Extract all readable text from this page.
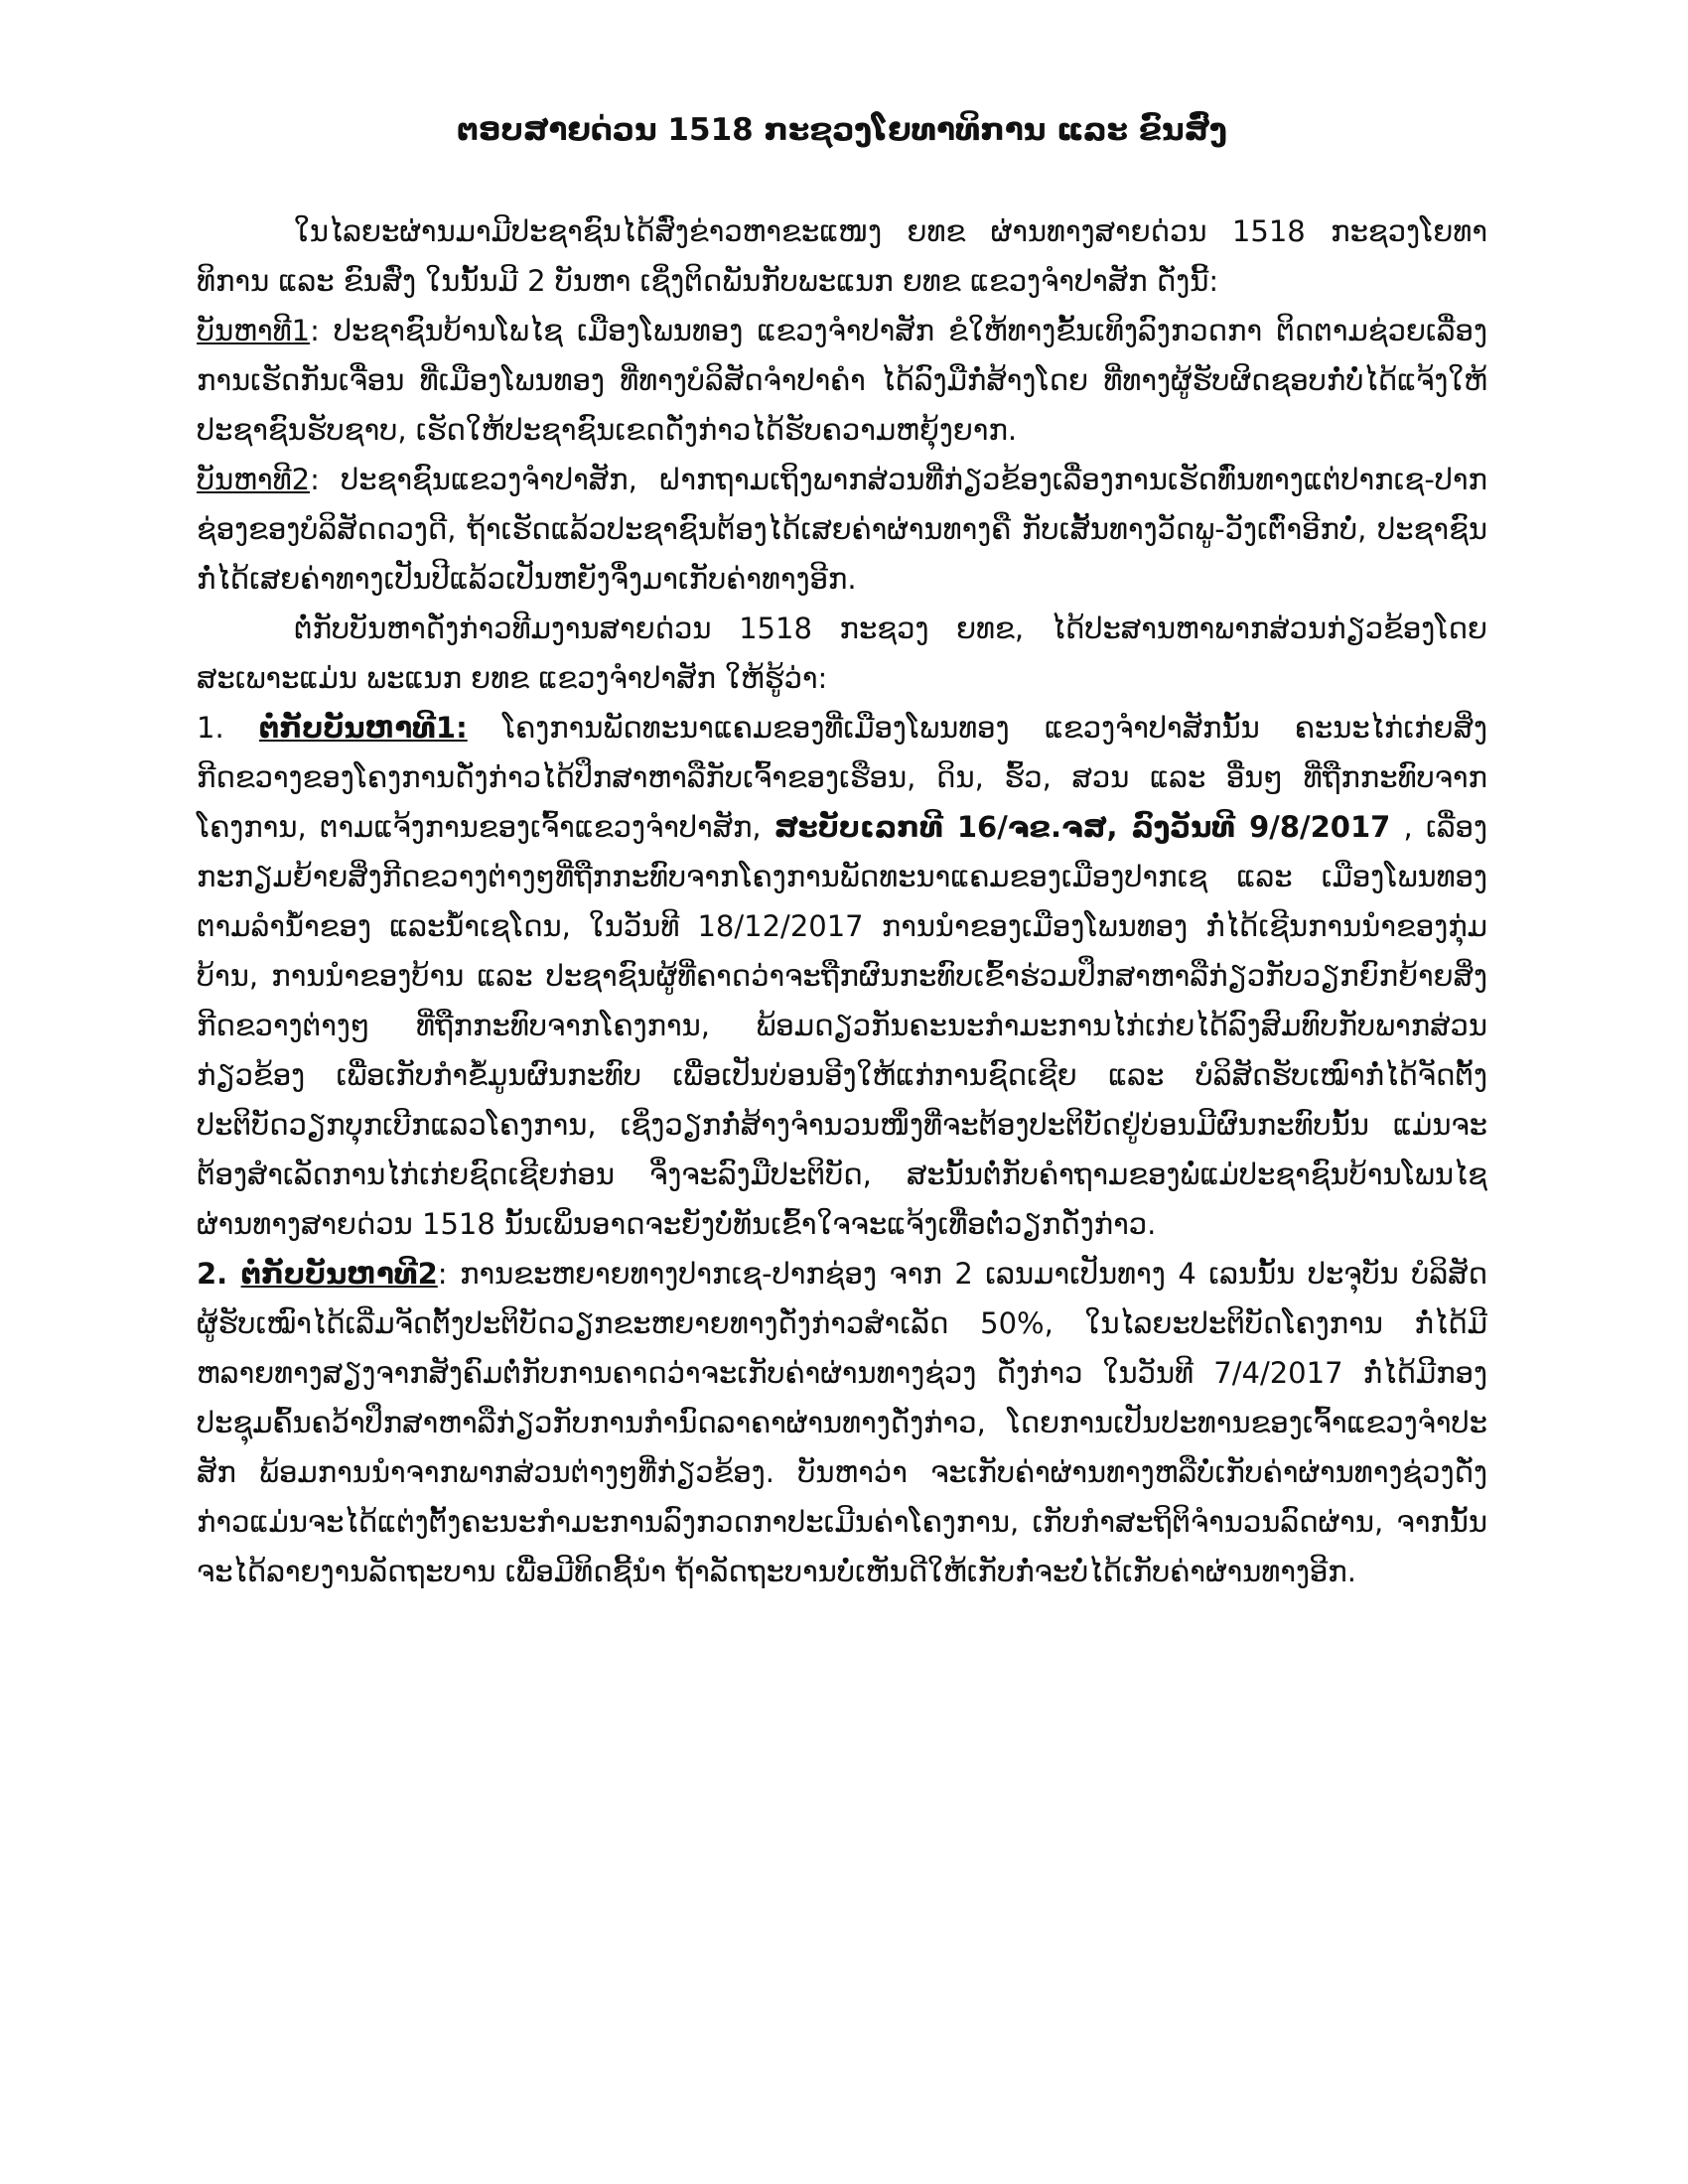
ຕອບສາຍດ່ວນ 1518 ກະຊວງໂຍທາທິການ ແລະ ຂົນສົ່ງ

ໃນໄລຍະຜ່ານມາມີປະຊາຊົນໄດ້ສົ່ງຂ່າວຫາຂະແໜງ ຍທຂ ຜ່ານທາງສາຍດ່ວນ 1518 ກະຊວງໂຍທາທິການ ແລະ ຂົນສົ່ງ ໃນນັ້ນມີ 2 ບັນຫາ ເຊິ່ງຕິດພັນກັບພະແນກ ຍທຂ ແຂວງຈຳປາສັກ ດັ່ງນີ້:

ບັນຫາທີ1: ປະຊາຊົນບ້ານໂພໄຊ ເມືອງໂພນທອງ ແຂວງຈຳປາສັກ ຂໍໃຫ້ທາງຂັ້ນເທິງລົງກວດກາ ຕິດຕາມຊ່ວຍເລື່ອງການເຮັດກັນເຈື່ອນ ທີ່ເມືອງໂພນທອງ ທີ່ທາງບໍລິສັດຈຳປາຄຳ ໄດ້ລົງມືກໍ່ສ້າງໂດຍ ທີ່ທາງຜູ້ຮັບຜິດຊອບກໍ່ບໍ່ໄດ້ແຈ້ງໃຫ້ປະຊາຊົນຮັບຊາບ, ເຮັດໃຫ້ປະຊາຊົນເຂດດັ່ງກ່າວໄດ້ຮັບຄວາມຫຍຸ້ງຍາກ.

ບັນຫາທີ2: ປະຊາຊົນແຂວງຈຳປາສັກ, ຝາກຖາມເຖິງພາກສ່ວນທີ່ກ່ຽວຂ້ອງເລື່ອງການເຮັດທົ່ນທາງແຕ່ປາກເຊ-ປາກຊ່ອງຂອງບໍລິສັດດວງດີ, ຖ້າເຮັດແລ້ວປະຊາຊົນຕ້ອງໄດ້ເສຍຄ່າຜ່ານທາງຄື ກັບເສັ້ນທາງວັດພູ-ວັງເຕົ່າອີກບໍ່, ປະຊາຊົນກໍ່ໄດ້ເສຍຄ່າທາງເປັນປີແລ້ວເປັນຫຍັງຈຶ່ງມາເກັບຄ່າທາງອີກ.

ຕໍ່ກັບບັນຫາດັ່ງກ່າວທີມງານສາຍດ່ວນ 1518 ກະຊວງ ຍທຂ, ໄດ້ປະສານຫາພາກສ່ວນກ່ຽວຂ້ອງໂດຍສະເພາະແມ່ນ ພະແນກ ຍທຂ ແຂວງຈຳປາສັກ ໃຫ້ຮູ້ວ່າ:

1. ຕໍ່ກັບບັນຫາທີ1: ໂຄງການພັດທະນາແຄມຂອງທີ່ເມືອງໂພນທອງ ແຂວງຈຳປາສັກນັ້ນ ຄະນະໄກ່ເກ່ຍສິ່ງກີດຂວາງຂອງໂຄງການດັ່ງກ່າວໄດ້ປຶກສາຫາລືກັບເຈົ້າຂອງເຮືອນ, ດິນ, ຮົ້ວ, ສວນ ແລະ ອື່ນໆ ທີ່ຖືກກະທົບຈາກໂຄງການ, ຕາມແຈ້ງການຂອງເຈົ້າແຂວງຈຳປາສັກ, ສະບັບເລກທີ 16/ຈຂ.ຈສ, ລົງວັນທີ 9/8/2017 , ເລື່ອງກະກຽມຍ້າຍສິ່ງກີດຂວາງຕ່າງໆທີ່ຖືກກະທົບຈາກໂຄງການພັດທະນາແຄມຂອງເມືອງປາກເຊ ແລະ ເມືອງໂພນທອງ ຕາມລຳນ້ຳຂອງ ແລະນ້ຳເຊໂດນ, ໃນວັນທີ 18/12/2017 ການນຳຂອງເມືອງໂພນທອງ ກໍ່ໄດ້ເຊີນການນຳຂອງກຸ່ມບ້ານ, ການນຳຂອງບ້ານ ແລະ ປະຊາຊົນຜູ້ທີ່ຄາດວ່າຈະຖືກຜົນກະທົບເຂົ້າຮ່ວມປຶກສາຫາລືກ່ຽວກັບວຽກຍົກຍ້າຍສິ່ງກີດຂວາງຕ່າງໆ ທີ່ຖືກກະທົບຈາກໂຄງການ, ພ້ອມດຽວກັນຄະນະກຳມະການໄກ່ເກ່ຍໄດ້ລົງສົມທົບກັບພາກສ່ວນກ່ຽວຂ້ອງ ເພື່ອເກັບກຳຂໍ້ມູນຜົນກະທົບ ເພື່ອເປັນບ່ອນອີງໃຫ້ແກ່ການຊົດເຊີຍ ແລະ ບໍລິສັດຮັບເໝົາກໍ່ໄດ້ຈັດຕັ້ງປະຕິບັດວຽກບຸກເບີກແລວໂຄງການ, ເຊິ່ງວຽກກໍ່ສ້າງຈຳນວນໜຶ່ງທີ່ຈະຕ້ອງປະຕິບັດຢູ່ບ່ອນມີຜົນກະທົບນັ້ນ ແມ່ນຈະຕ້ອງສຳເລັດການໄກ່ເກ່ຍຊົດເຊີຍກ່ອນ ຈຶ່ງຈະລົງມືປະຕິບັດ, ສະນັ້ນຕໍ່ກັບຄຳຖາມຂອງພໍ່ແມ່ປະຊາຊົນບ້ານໂພນໄຊຜ່ານທາງສາຍດ່ວນ 1518 ນັ້ນເພິ່ນອາດຈະຍັງບໍ່ທັນເຂົ້າໃຈຈະແຈ້ງເທື່ອຕໍ່ວຽກດັ່ງກ່າວ.

2. ຕໍ່ກັບບັນຫາທີ2: ການຂະຫຍາຍທາງປາກເຊ-ປາກຊ່ອງ ຈາກ 2 ເລນມາເປັນທາງ 4 ເລນນັ້ນ ປະຈຸບັນ ບໍລິສັດຜູ້ຮັບເໝົາໄດ້ເລີ່ມຈັດຕັ້ງປະຕິບັດວຽກຂະຫຍາຍທາງດັ່ງກ່າວສຳເລັດ 50%, ໃນໄລຍະປະຕິບັດໂຄງການ ກໍ່ໄດ້ມີຫລາຍທາງສຽງຈາກສັງຄົມຕໍ່ກັບການຄາດວ່າຈະເກັບຄ່າຜ່ານທາງຊ່ວງ ດັ່ງກ່າວ ໃນວັນທີ 7/4/2017 ກໍ່ໄດ້ມີກອງປະຊຸມຄົ້ນຄວ້າປຶກສາຫາລືກ່ຽວກັບການກຳນົດລາຄາຜ່ານທາງດັ່ງກ່າວ, ໂດຍການເປັນປະທານຂອງເຈົ້າແຂວງຈຳປະສັກ ພ້ອມການນຳຈາກພາກສ່ວນຕ່າງໆທີ່ກ່ຽວຂ້ອງ. ບັນຫາວ່າ ຈະເກັບຄ່າຜ່ານທາງຫລືບໍ່ເກັບຄ່າຜ່ານທາງຊ່ວງດັ່ງກ່າວແມ່ນຈະໄດ້ແຕ່ງຕັ້ງຄະນະກຳມະການລົງກວດກາປະເມີນຄ່າໂຄງການ, ເກັບກຳສະຖິຕິຈຳນວນລົດຜ່ານ, ຈາກນັ້ນຈະໄດ້ລາຍງານລັດຖະບານ ເພື່ອມີທິດຊີ້ນຳ ຖ້າລັດຖະບານບໍ່ເຫັນດີໃຫ້ເກັບກໍ່ຈະບໍ່ໄດ້ເກັບຄ່າຜ່ານທາງອີກ.
